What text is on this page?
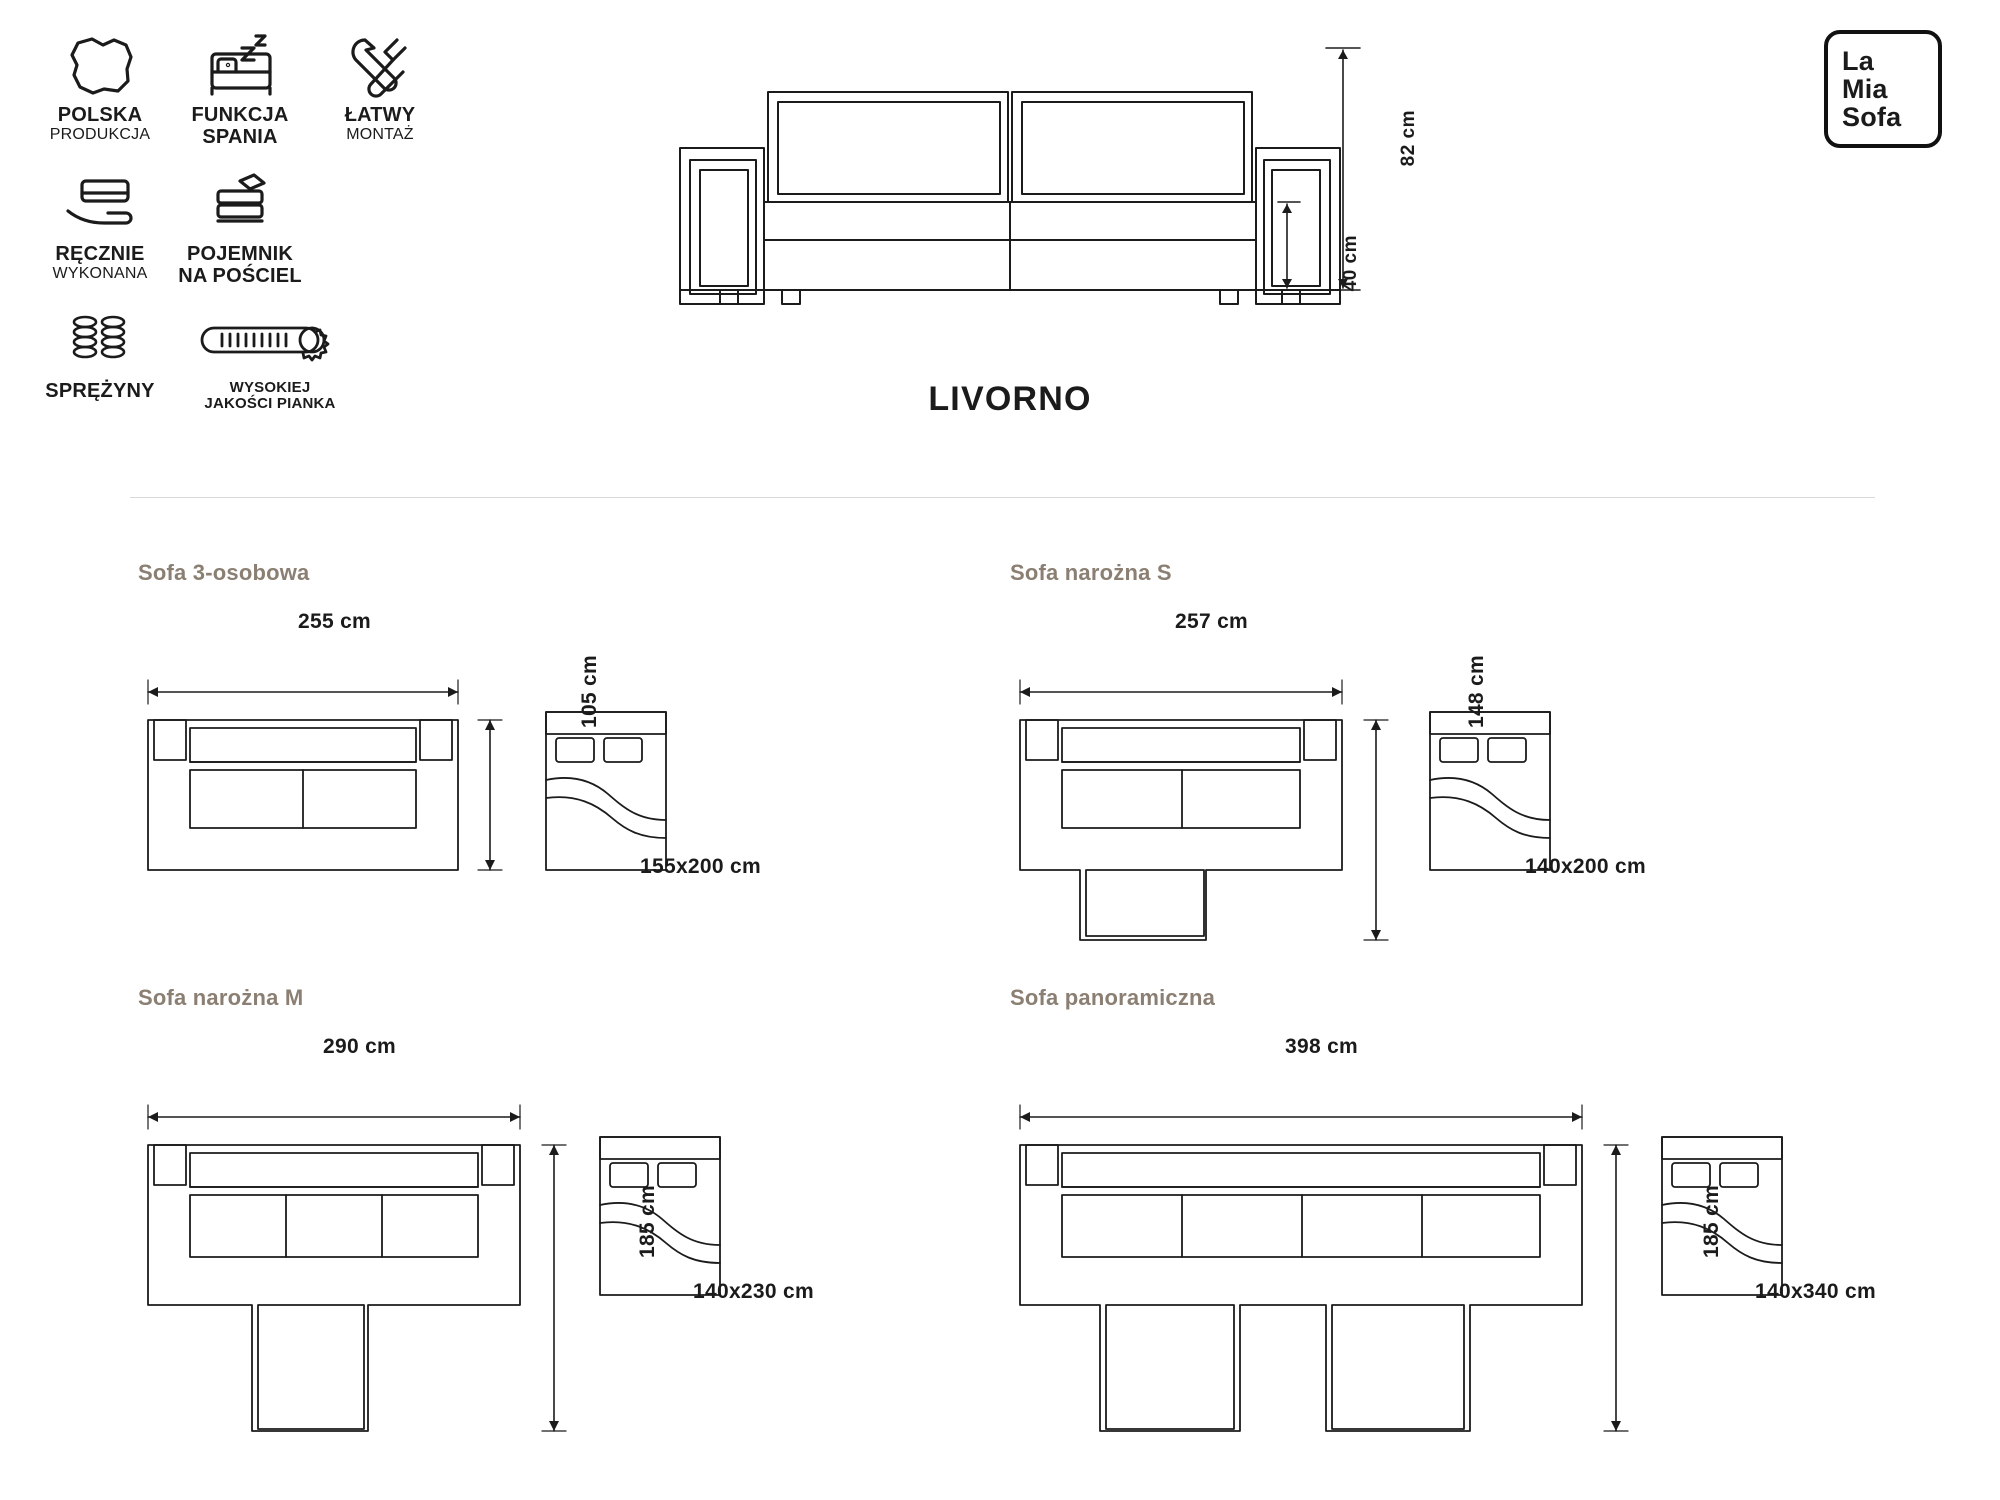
POLSKA
PRODUKCJA
FUNKCJA
SPANIA
ŁATWY
MONTAŻ
RĘCZNIE
WYKONANA
POJEMNIK
NA POŚCIEL
SPRĘŻYNY	WYSOKIEJ
JAKOŚCI PIANKA
La
Mia
Sofa
82 cm
40 cm
LIVORNO
Sofa 3-osobowa
255 cm
105 cm
155x200 cm
Sofa narożna S
257 cm
148 cm
140x200 cm
Sofa narożna M
290 cm
185 cm
140x230 cm
Sofa panoramiczna
398 cm
185 cm
140x340 cm
